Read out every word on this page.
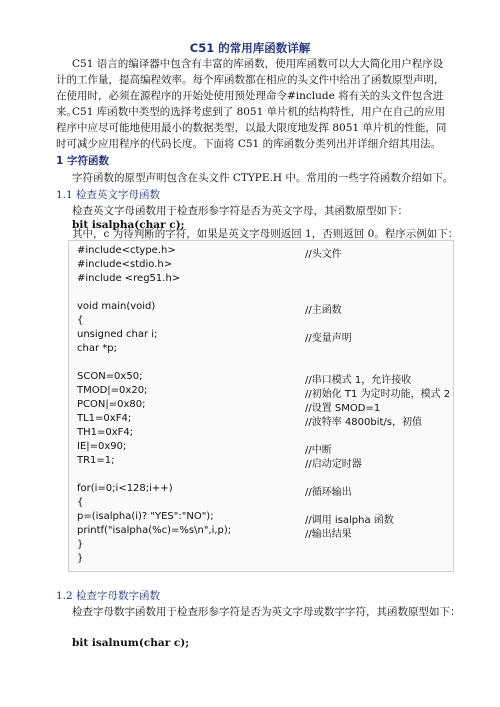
C51 的常用库函数详解
C51 语言的编译器中包含有丰富的库函数，使用库函数可以大大简化用户程序设计的工作量，提高编程效率。每个库函数都在相应的头文件中给出了函数原型声明，在使用时，必须在源程序的开始处使用预处理命令#include 将有关的头文件包含进来。
C51 库函数中类型的选择考虑到了 8051 单片机的结构特性，用户在自己的应用程序中应尽可能地使用最小的数据类型，以最大限度地发挥 8051 单片机的性能，同时可减少应用程序的代码长度。下面将 C51 的库函数分类列出并详细介绍其用法。
1 字符函数
字符函数的原型声明包含在头文件 CTYPE.H 中。常用的一些字符函数介绍如下。
1.1 检查英文字母函数
检查英文字母函数用于检查形参字符是否为英文字母，其函数原型如下：
bit isalpha(char c);
其中，c 为待判断的字符，如果是英文字母则返回 1，否则返回 0。程序示例如下：
#include<ctype.h>	//头文件
#include<stdio.h>
#include <reg51.h>
void main(void)	//主函数
{
unsigned char i;	//变量声明
char *p;
SCON=0x50;	//串口模式 1，允许接收
TMOD|=0x20;	//初始化 T1 为定时功能，模式 2
PCON|=0x80;	//设置 SMOD=1
TL1=0xF4;	//波特率 4800bit/s，初值
TH1=0xF4;
IE|=0x90;	//中断
TR1=1;	//启动定时器
for(i=0;i<128;i++)	//循环输出
{
p=(isalpha(i)? "YES":"NO");	//调用 isalpha 函数
printf("isalpha(%c)=%s\n",i,p);	//输出结果
}
}
1.2 检查字母数字函数
检查字母数字函数用于检查形参字符是否为英文字母或数字字符，其函数原型如下：
bit isalnum(char c);
